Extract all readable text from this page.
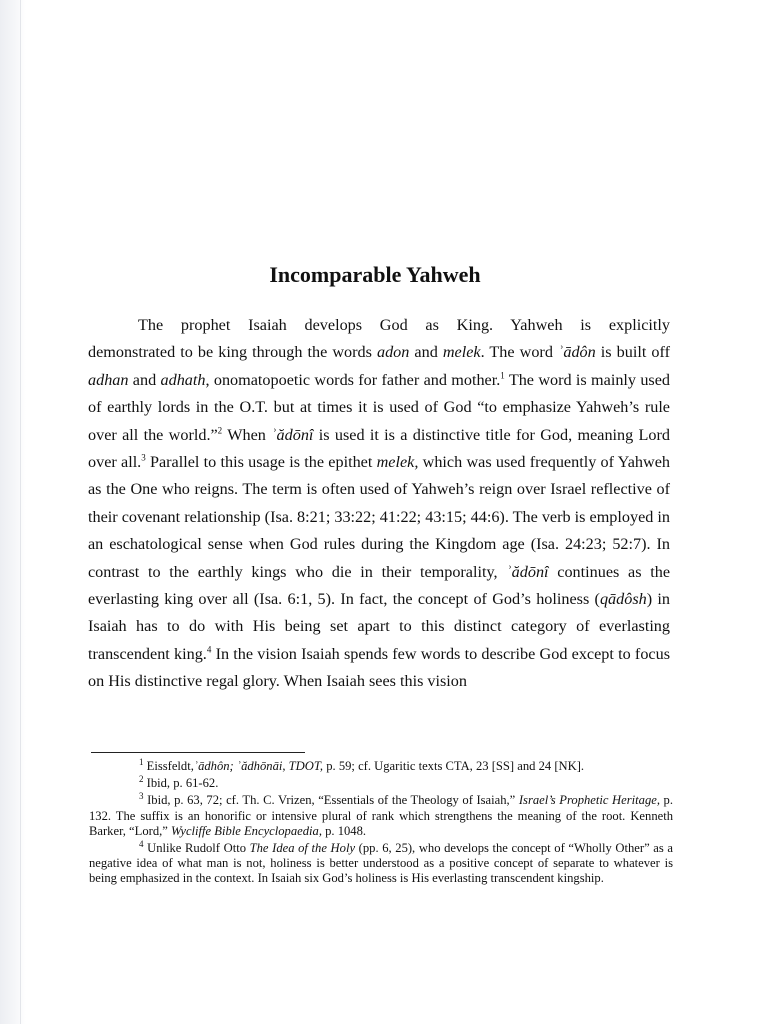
Incomparable Yahweh

The prophet Isaiah develops God as King. Yahweh is explicitly

demonstrated to be king through the words adon and melek. The word ʾādôn is built off adhan and adhath, onomatopoetic words for father and mother.$^1$ The word is mainly used of earthly lords in the O.T. but at times it is used of God “to emphasize Yahweh’s rule over all the world.”$^2$ When ʾădōnî is used it is a distinctive title for God, meaning Lord over all.$^3$ Parallel to this usage is the epithet melek, which was used frequently of Yahweh as the One who reigns. The term is often used of Yahweh’s reign over Israel reflective of their covenant relationship (Isa. 8:21; 33:22; 41:22; 43:15; 44:6). The verb is employed in an eschatological sense when God rules during the Kingdom age (Isa. 24:23; 52:7). In contrast to the earthly kings who die in their temporality, ʾădōnî continues as the everlasting king over all (Isa. 6:1, 5). In fact, the concept of God’s holiness (qādôsh) in Isaiah has to do with His being set apart to this distinct category of everlasting transcendent king.$^4$ In the vision Isaiah spends few words to describe God except to focus on His distinctive regal glory. When Isaiah sees this vision

$^1$ Eissfeldt,ʾādhôn; ʾădhōnāi, TDOT, p. 59; cf. Ugaritic texts CTA, 23 [SS] and 24 [NK].

$^2$ Ibid, p. 61-62.

$^3$ Ibid, p. 63, 72; cf. Th. C. Vrizen, “Essentials of the Theology of Isaiah,” Israel’s Prophetic Heritage, p. 132. The suffix is an honorific or intensive plural of rank which strengthens the meaning of the root. Kenneth Barker, “Lord,” Wycliffe Bible Encyclopaedia, p. 1048.

$^4$ Unlike Rudolf Otto The Idea of the Holy (pp. 6, 25), who develops the concept of “Wholly Other” as a negative idea of what man is not, holiness is better understood as a positive concept of separate to whatever is being emphasized in the context. In Isaiah six God’s holiness is His everlasting transcendent kingship.
